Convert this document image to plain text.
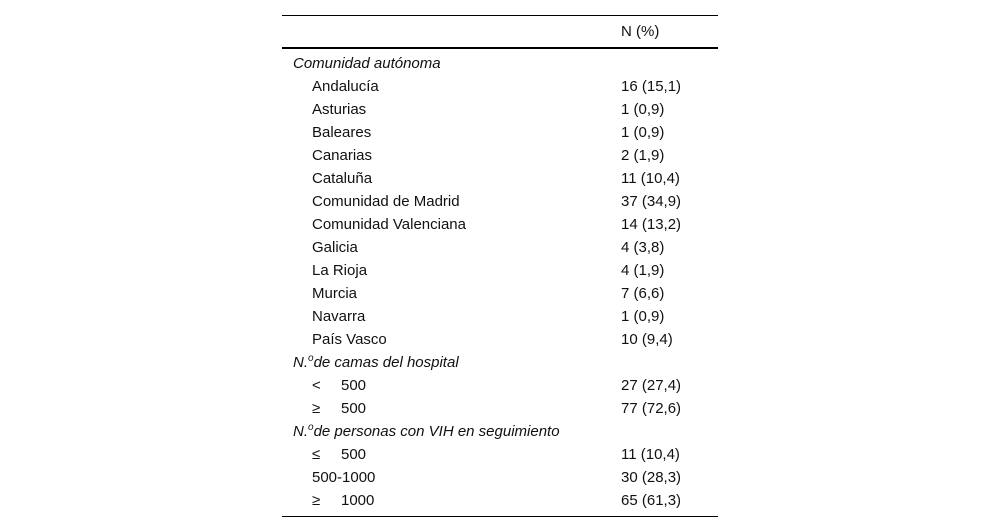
N (%)
Comunidad autónoma
Andalucía	16 (15,1)
Asturias	1 (0,9)
Baleares	1 (0,9)
Canarias	2 (1,9)
Cataluña	11 (10,4)
Comunidad de Madrid	37 (34,9)
Comunidad Valenciana	14 (13,2)
Galicia	4 (3,8)
La Rioja	4 (1,9)
Murcia	7 (6,6)
Navarra	1 (0,9)
País Vasco	10 (9,4)
N.$^o$de camas del hospital
< 500	27 (27,4)
≥ 500	77 (72,6)
N.$^o$de personas con VIH en seguimiento
≤ 500	11 (10,4)
500-1000	30 (28,3)
≥ 1000	65 (61,3)
